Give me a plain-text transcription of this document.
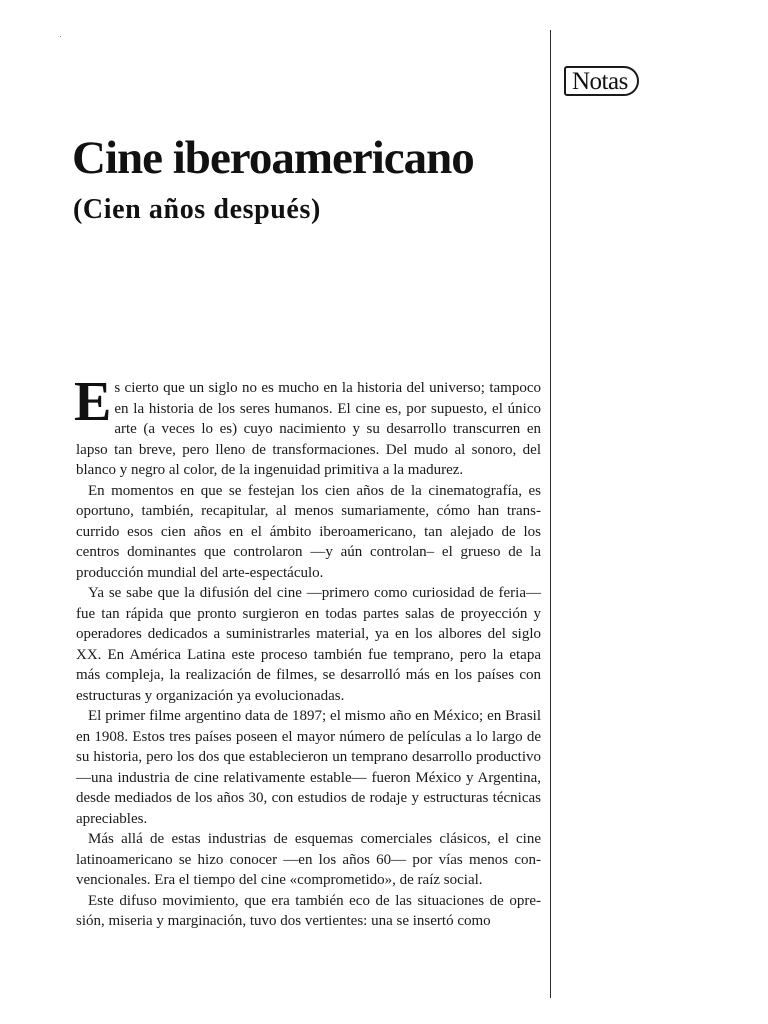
Notas
Cine iberoamericano
(Cien años después)

Es cierto que un siglo no es mucho en la historia del universo; tampoco en la historia de los seres humanos. El cine es, por supuesto, el único arte (a veces lo es) cuyo nacimiento y su desarrollo transcurren en lapso tan breve, pero lleno de transformaciones. Del mudo al sonoro, del blanco y negro al color, de la ingenuidad primitiva a la madurez.

En momentos en que se festejan los cien años de la cinematografía, es oportuno, también, recapitular, al menos sumariamente, cómo han transcurrido esos cien años en el ámbito iberoamericano, tan alejado de los centros dominantes que controlaron —y aún controlan– el grueso de la producción mundial del arte-espectáculo.

Ya se sabe que la difusión del cine —primero como curiosidad de feria— fue tan rápida que pronto surgieron en todas partes salas de proyección y operadores dedicados a suministrarles material, ya en los albores del siglo XX. En América Latina este proceso también fue temprano, pero la etapa más compleja, la realización de filmes, se desarrolló más en los países con estructuras y organización ya evolucionadas.

El primer filme argentino data de 1897; el mismo año en México; en Brasil en 1908. Estos tres países poseen el mayor número de películas a lo largo de su historia, pero los dos que establecieron un temprano desarrollo productivo —una industria de cine relativamente estable— fueron México y Argentina, desde mediados de los años 30, con estudios de rodaje y estructuras técnicas apreciables.

Más allá de estas industrias de esquemas comerciales clásicos, el cine latinoamericano se hizo conocer —en los años 60— por vías menos convencionales. Era el tiempo del cine «comprometido», de raíz social.

Este difuso movimiento, que era también eco de las situaciones de opresión, miseria y marginación, tuvo dos vertientes: una se insertó como
